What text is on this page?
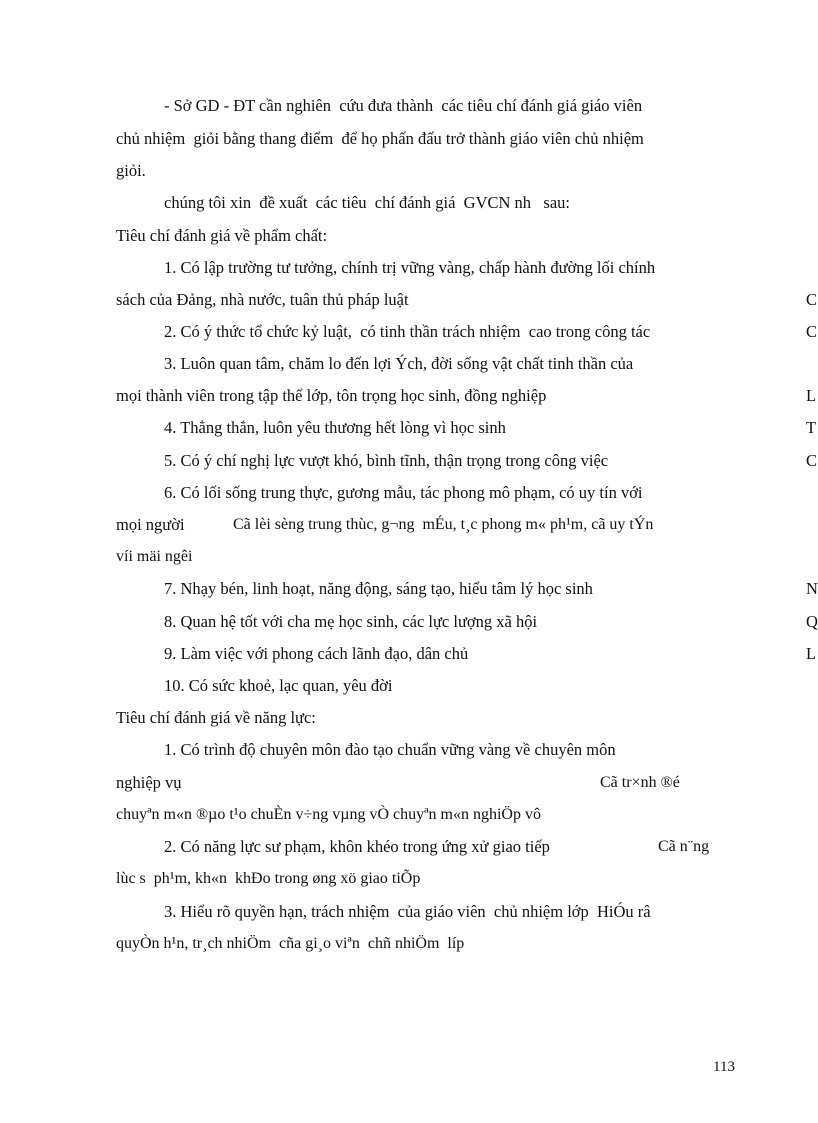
- Sở GD - ĐT cần nghiên  cứu đưa thành  các tiêu chí đánh giá giáo viên

chủ nhiệm  giỏi bằng thang điểm  để họ phấn đấu trở thành giáo viên chủ nhiệm

giỏi.

chúng tôi xin  đề xuất  các tiêu  chí đánh giá  GVCN nh   sau:

Tiêu chí đánh giá về phẩm chất:

1. Có lập trường tư tưởng, chính trị vững vàng, chấp hành đường lối chính

sách của Đảng, nhà nước, tuân thủ pháp luật	C

2. Có ý thức tổ chức kỷ luật,  có tinh thần trách nhiệm  cao trong công tác	C

3. Luôn quan tâm, chăm lo đến lợi Ých, đời sống vật chất tinh thần của

mọi thành viên trong tập thể lớp, tôn trọng học sinh, đồng nghiệp	L

4. Thẳng thắn, luôn yêu thương hết lòng vì học sinh	T

5. Có ý chí nghị lực vượt khó, bình tĩnh, thận trọng trong công việc	C

6. Có lối sống trung thực, gương mẫu, tác phong mô phạm, có uy tín với

mọi người	Cã lèi sèng trung thùc, g¬ng  mÉu, t¸c phong m« ph¹m, cã uy tÝn

víi mäi ngêi

7. Nhạy bén, linh hoạt, năng động, sáng tạo, hiểu tâm lý học sinh	N

8. Quan hệ tốt với cha mẹ học sinh, các lực lượng xã hội	Q

9. Làm việc với phong cách lãnh đạo, dân chủ	L

10. Có sức khoẻ, lạc quan, yêu đời

Tiêu chí đánh giá về năng lực:

1. Có trình độ chuyên môn đào tạo chuẩn vững vàng về chuyên môn

nghiệp vụ	Cã tr×nh ®é

chuyªn m«n ®µo t¹o chuÈn v÷ng vµng vÒ chuyªn m«n nghiÖp vô

2. Có năng lực sư phạm, khôn khéo trong ứng xử giao tiếp	Cã n¨ng

lùc s  ph¹m, kh«n  khÐo trong øng xö giao tiÕp

3. Hiểu rõ quyền hạn, trách nhiệm  của giáo viên  chủ nhiệm lớp  HiÓu râ

quyÒn h¹n, tr¸ch nhiÖm  cña gi¸o viªn  chñ nhiÖm  líp

113
